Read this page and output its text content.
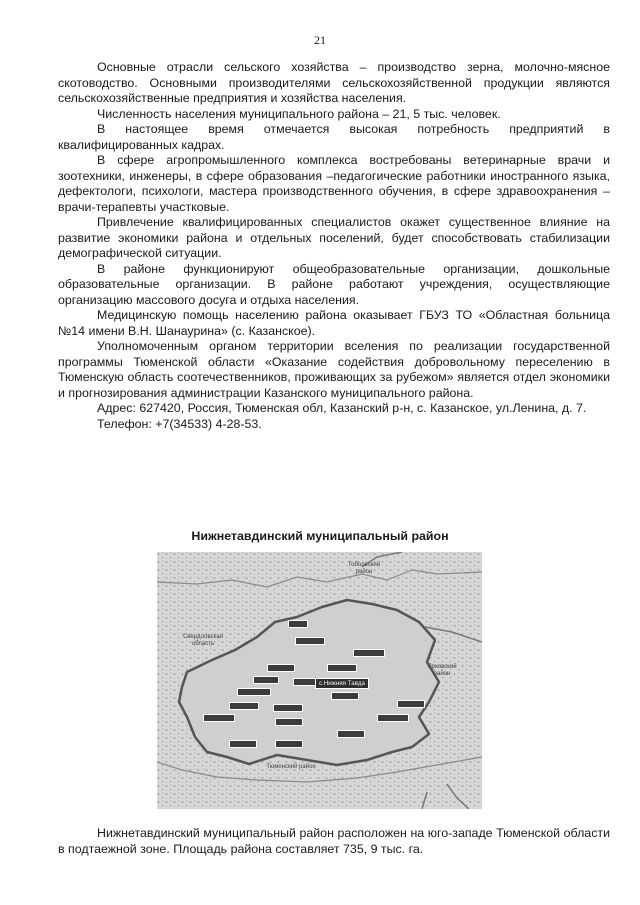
21

Основные отрасли сельского хозяйства – производство зерна, молочно-мясное скотоводство. Основными производителями сельскохозяйственной продукции являются сельскохозяйственные предприятия и хозяйства населения.

Численность населения муниципального района – 21, 5 тыс. человек.

В настоящее время отмечается высокая потребность предприятий в квалифицированных кадрах.

В сфере агропромышленного комплекса востребованы ветеринарные врачи и зоотехники, инженеры, в сфере образования –педагогические работники иностранного языка, дефектологи, психологи, мастера производственного обучения, в сфере здравоохранения – врачи-терапевты участковые.

Привлечение квалифицированных специалистов окажет существенное влияние на развитие экономики района и отдельных поселений, будет способствовать стабилизации демографической ситуации.

В районе функционируют общеобразовательные организации, дошкольные образовательные организации. В районе работают учреждения, осуществляющие организацию массового досуга и отдыха населения.

Медицинскую помощь населению района оказывает ГБУЗ ТО «Областная больница №14 имени В.Н. Шанаурина» (с. Казанское).

Уполномоченным органом территории вселения по реализации государственной программы Тюменской области «Оказание содействия добровольному переселению в Тюменскую область соотечественников, проживающих за рубежом» является отдел экономики и прогнозирования администрации Казанского муниципального района.

Адрес: 627420, Россия, Тюменская обл, Казанский р-н, с. Казанское, ул.Ленина, д. 7.

Телефон: +7(34533) 4-28-53.

Нижнетавдинский муниципальный район
Тобольский район
Свердловская область
Ярковский район
Тюменский район
с.Нижняя Тавда

Нижнетавдинский муниципальный район расположен на юго-западе Тюменской области в подтаежной зоне. Площадь района составляет 735, 9 тыс. га.
